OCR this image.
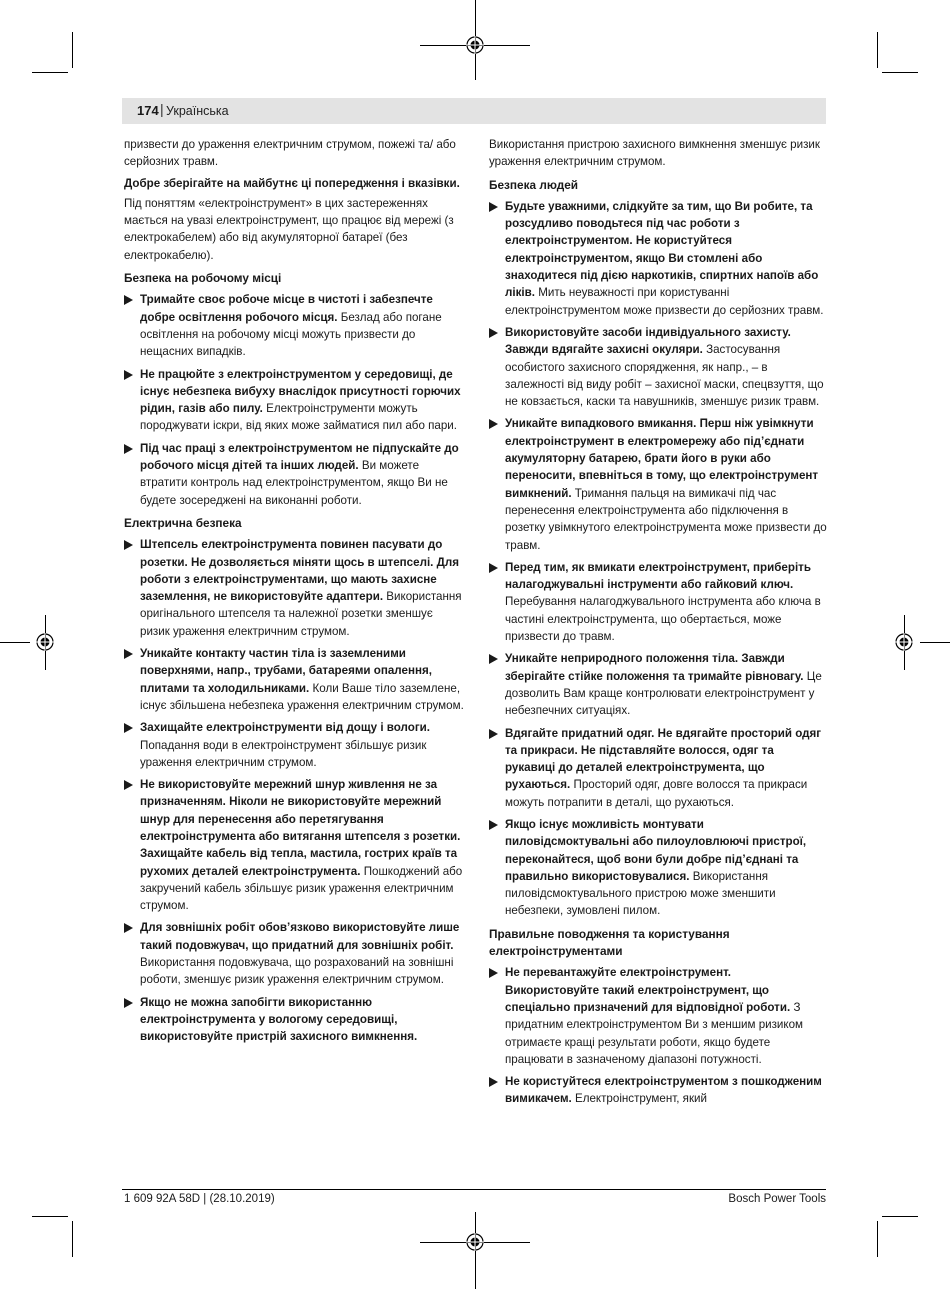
174 | Українська

призвести до ураження електричним струмом, пожежі та/ або серйозних травм.

Добре зберігайте на майбутнє ці попередження і вказівки.

Під поняттям «електроінструмент» в цих застереженнях мається на увазі електроінструмент, що працює від мережі (з електрокабелем) або від акумуляторної батареї (без електрокабелю).

Безпека на робочому місці
Тримайте своє робоче місце в чистоті і забезпечте добре освітлення робочого місця. Безлад або погане освітлення на робочому місці можуть призвести до нещасних випадків.
Не працюйте з електроінструментом у середовищі, де існує небезпека вибуху внаслідок присутності горючих рідин, газів або пилу. Електроінструменти можуть породжувати іскри, від яких може займатися пил або пари.
Під час праці з електроінструментом не підпускайте до робочого місця дітей та інших людей. Ви можете втратити контроль над електроінструментом, якщо Ви не будете зосереджені на виконанні роботи.
Електрична безпека
Штепсель електроінструмента повинен пасувати до розетки. Не дозволяється міняти щось в штепселі. Для роботи з електроінструментами, що мають захисне заземлення, не використовуйте адаптери. Використання оригінального штепселя та належної розетки зменшує ризик ураження електричним струмом.
Уникайте контакту частин тіла із заземленими поверхнями, напр., трубами, батареями опалення, плитами та холодильниками. Коли Ваше тіло заземлене, існує збільшена небезпека ураження електричним струмом.
Захищайте електроінструменти від дощу і вологи. Попадання води в електроінструмент збільшує ризик ураження електричним струмом.
Не використовуйте мережний шнур живлення не за призначенням. Ніколи не використовуйте мережний шнур для перенесення або перетягування електроінструмента або витягання штепселя з розетки. Захищайте кабель від тепла, мастила, гострих країв та рухомих деталей електроінструмента. Пошкоджений або закручений кабель збільшує ризик ураження електричним струмом.
Для зовнішніх робіт обов’язково використовуйте лише такий подовжувач, що придатний для зовнішніх робіт. Використання подовжувача, що розрахований на зовнішні роботи, зменшує ризик ураження електричним струмом.
Якщо не можна запобігти використанню електроінструмента у вологому середовищі, використовуйте пристрій захисного вимкнення.

Використання пристрою захисного вимкнення зменшує ризик ураження електричним струмом.

Безпека людей
Будьте уважними, слідкуйте за тим, що Ви робите, та розсудливо поводьтеся під час роботи з електроінструментом. Не користуйтеся електроінструментом, якщо Ви стомлені або знаходитеся під дією наркотиків, спиртних напоїв або ліків. Мить неуважності при користуванні електроінструментом може призвести до серйозних травм.
Використовуйте засоби індивідуального захисту. Завжди вдягайте захисні окуляри. Застосування особистого захисного спорядження, як напр., – в залежності від виду робіт – захисної маски, спецвзуття, що не ковзається, каски та навушників, зменшує ризик травм.
Уникайте випадкового вмикання. Перш ніж увімкнути електроінструмент в електромережу або під’єднати акумуляторну батарею, брати його в руки або переносити, впевніться в тому, що електроінструмент вимкнений. Тримання пальця на вимикачі під час перенесення електроінструмента або підключення в розетку увімкнутого електроінструмента може призвести до травм.
Перед тим, як вмикати електроінструмент, приберіть налагоджувальні інструменти або гайковий ключ. Перебування налагоджувального інструмента або ключа в частині електроінструмента, що обертається, може призвести до травм.
Уникайте неприродного положення тіла. Завжди зберігайте стійке положення та тримайте рівновагу. Це дозволить Вам краще контролювати електроінструмент у небезпечних ситуаціях.
Вдягайте придатний одяг. Не вдягайте просторий одяг та прикраси. Не підставляйте волосся, одяг та рукавиці до деталей електроінструмента, що рухаються. Просторий одяг, довге волосся та прикраси можуть потрапити в деталі, що рухаються.
Якщо існує можливість монтувати пиловідсмоктувальні або пилоуловлюючі пристрої, переконайтеся, щоб вони були добре під’єднані та правильно використовувалися. Використання пиловідсмоктувального пристрою може зменшити небезпеки, зумовлені пилом.
Правильне поводження та користування електроінструментами
Не перевантажуйте електроінструмент. Використовуйте такий електроінструмент, що спеціально призначений для відповідної роботи. З придатним електроінструментом Ви з меншим ризиком отримаєте кращі результати роботи, якщо будете працювати в зазначеному діапазоні потужності.
Не користуйтеся електроінструментом з пошкодженим вимикачем. Електроінструмент, який
1 609 92A 58D | (28.10.2019)	Bosch Power Tools
